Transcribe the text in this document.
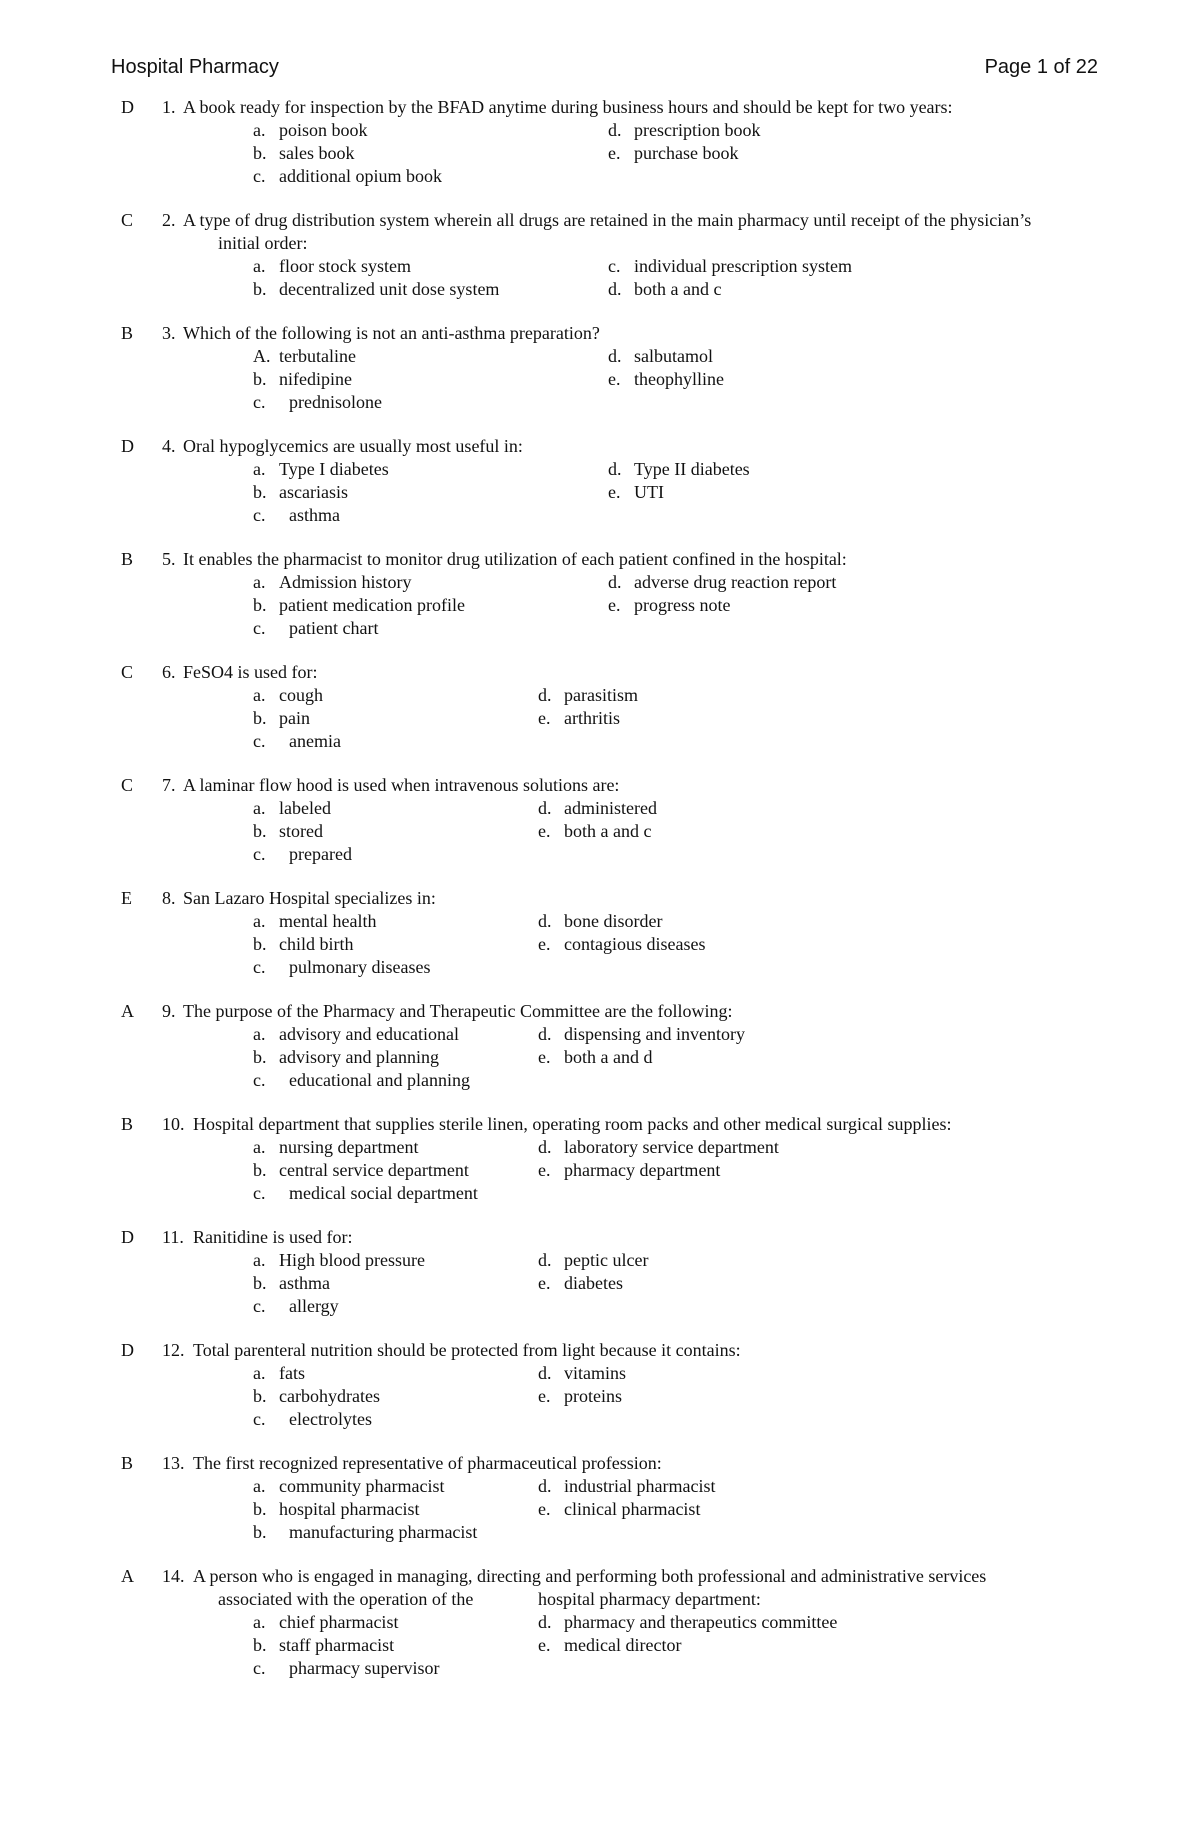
Hospital Pharmacy	Page 1 of 22
D 1. A book ready for inspection by the BFAD anytime during business hours and should be kept for two years:
a. poison book	d. prescription book
b. sales book	e. purchase book
c. additional opium book
C 2. A type of drug distribution system wherein all drugs are retained in the main pharmacy until receipt of the physician’s
initial order:
a. floor stock system	c. individual prescription system
b. decentralized unit dose system	d. both a and c
B 3. Which of the following is not an anti-asthma preparation?
A. terbutaline	d. salbutamol
b. nifedipine	e. theophylline
c. prednisolone
D 4. Oral hypoglycemics are usually most useful in:
a. Type I diabetes	d. Type II diabetes
b. ascariasis	e. UTI
c. asthma
B 5. It enables the pharmacist to monitor drug utilization of each patient confined in the hospital:
a. Admission history	d. adverse drug reaction report
b. patient medication profile	e. progress note
c. patient chart
C 6. FeSO4 is used for:
a. cough	d. parasitism
b. pain	e. arthritis
c. anemia
C 7. A laminar flow hood is used when intravenous solutions are:
a. labeled	d. administered
b. stored	e. both a and c
c. prepared
E 8. San Lazaro Hospital specializes in:
a. mental health	d. bone disorder
b. child birth	e. contagious diseases
c. pulmonary diseases
A 9. The purpose of the Pharmacy and Therapeutic Committee are the following:
a. advisory and educational	d. dispensing and inventory
b. advisory and planning	e. both a and d
c. educational and planning
B 10. Hospital department that supplies sterile linen, operating room packs and other medical surgical supplies:
a. nursing department	d. laboratory service department
b. central service department	e. pharmacy department
c. medical social department
D 11. Ranitidine is used for:
a. High blood pressure	d. peptic ulcer
b. asthma	e. diabetes
c. allergy
D 12. Total parenteral nutrition should be protected from light because it contains:
a. fats	d. vitamins
b. carbohydrates	e. proteins
c. electrolytes
B 13. The first recognized representative of pharmaceutical profession:
a. community pharmacist	d. industrial pharmacist
b. hospital pharmacist	e. clinical pharmacist
b. manufacturing pharmacist
A 14. A person who is engaged in managing, directing and performing both professional and administrative services
associated with the operation of the	hospital pharmacy department:
a. chief pharmacist	d. pharmacy and therapeutics committee
b. staff pharmacist	e. medical director
c. pharmacy supervisor
